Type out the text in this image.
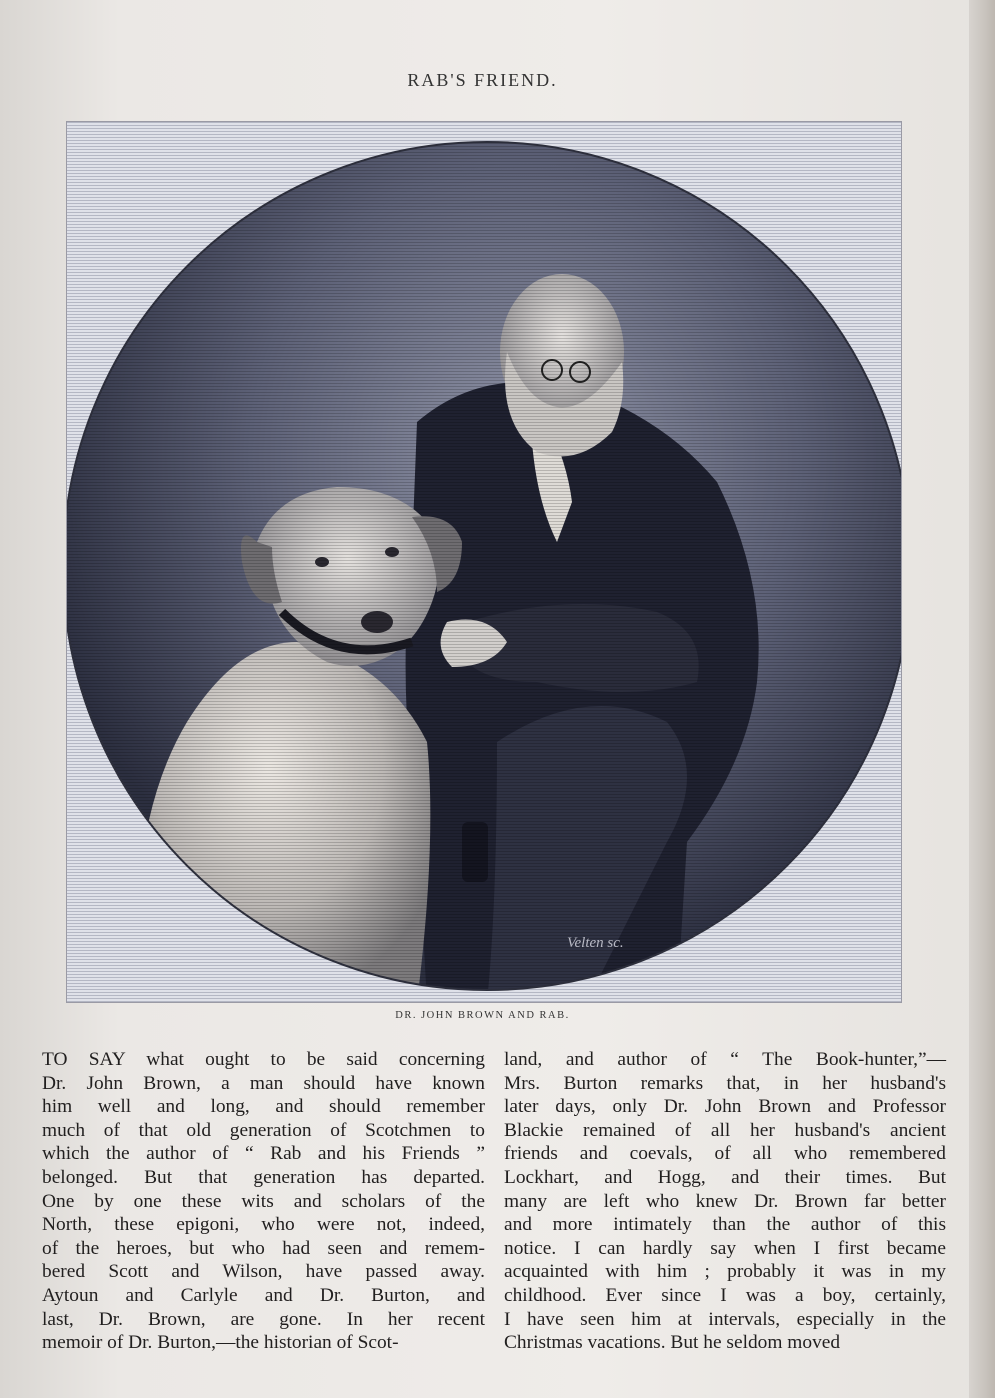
RAB'S FRIEND.
Velten sc.
DR. JOHN BROWN AND RAB.
TO SAY what ought to be said concerning
Dr. John Brown, a man should have known
him well and long, and should remember
much of that old generation of Scotchmen to
which the author of “ Rab and his Friends ”
belonged. But that generation has departed.
One by one these wits and scholars of the
North, these epigoni, who were not, indeed,
of the heroes, but who had seen and remem-
bered Scott and Wilson, have passed away.
Aytoun and Carlyle and Dr. Burton, and
last, Dr. Brown, are gone. In her recent
memoir of Dr. Burton,—the historian of Scot-
land, and author of “ The Book-hunter,”—
Mrs. Burton remarks that, in her husband's
later days, only Dr. John Brown and Professor
Blackie remained of all her husband's ancient
friends and coevals, of all who remembered
Lockhart, and Hogg, and their times. But
many are left who knew Dr. Brown far better
and more intimately than the author of this
notice. I can hardly say when I first became
acquainted with him ; probably it was in my
childhood. Ever since I was a boy, certainly,
I have seen him at intervals, especially in the
Christmas vacations. But he seldom moved
